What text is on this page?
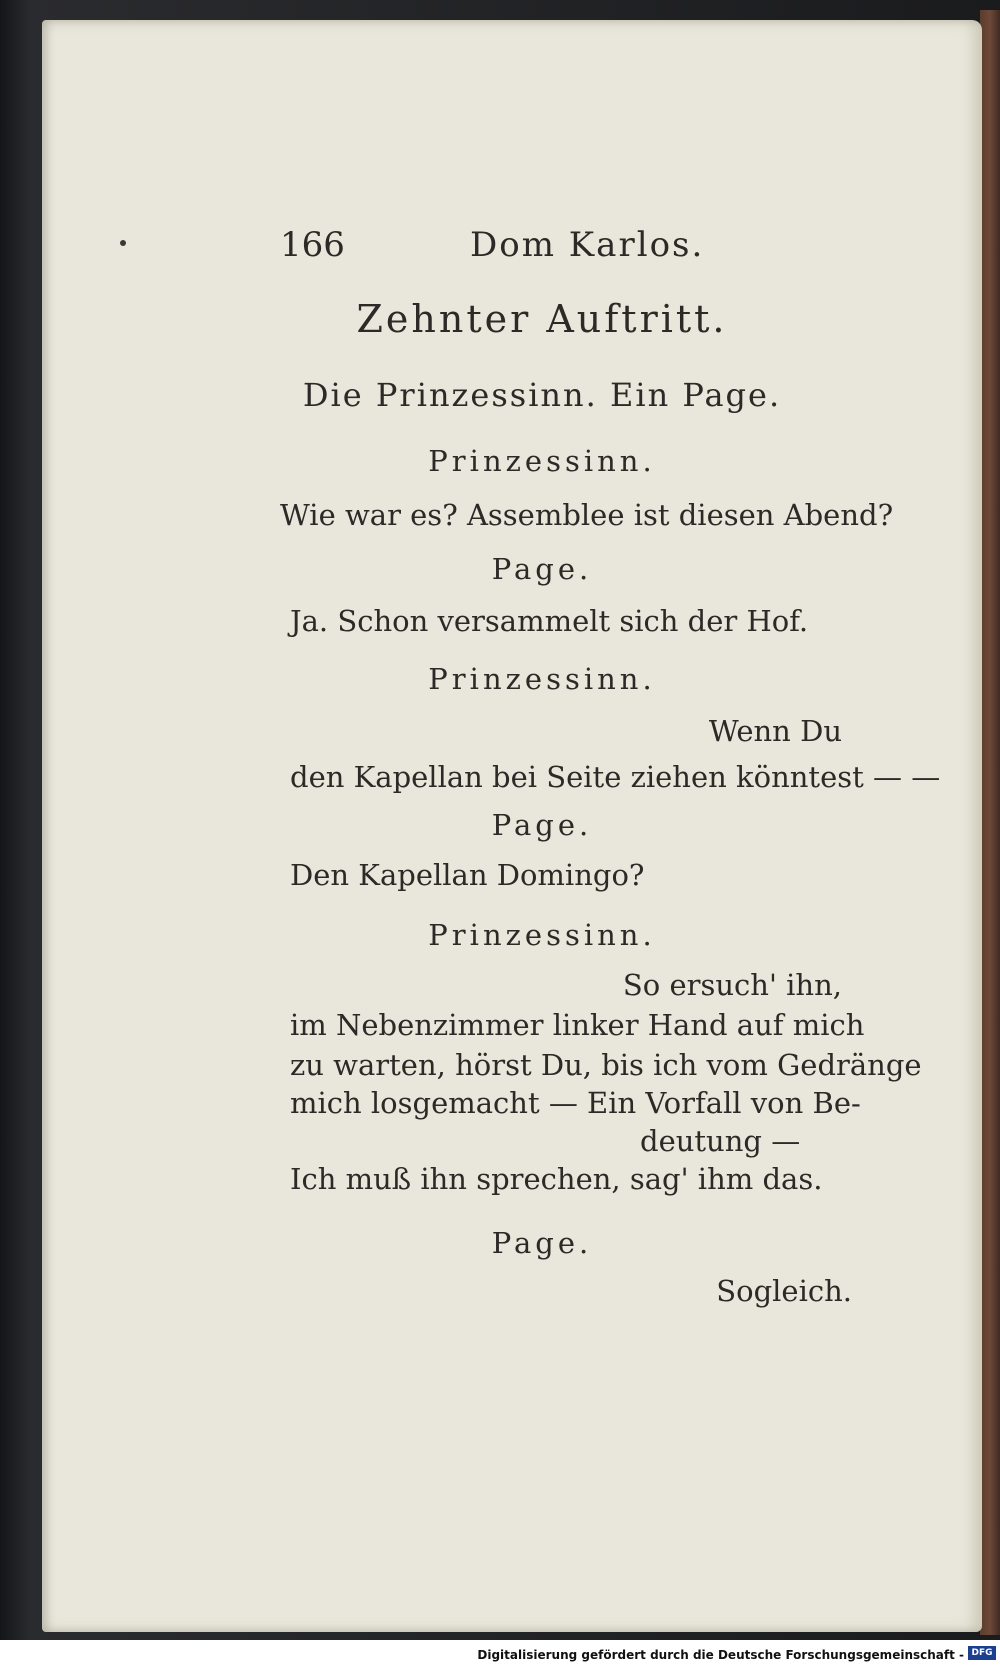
166	Dom Karlos.
Zehnter Auftritt.
Die Prinzessinn. Ein Page.
Prinzessinn.
Wie war es? Assemblee ist diesen Abend?
Page.
Ja. Schon versammelt sich der Hof.
Prinzessinn.
Wenn Du
den Kapellan bei Seite ziehen könntest — —
Page.
Den Kapellan Domingo?
Prinzessinn.
So ersuch' ihn,
im Nebenzimmer linker Hand auf mich
zu warten, hörst Du, bis ich vom Gedränge
mich losgemacht — Ein Vorfall von Be-
deutung —
Ich muß ihn sprechen, sag' ihm das.
Page.
Sogleich.
Digitalisierung gefördert durch die Deutsche Forschungsgemeinschaft - DFG
